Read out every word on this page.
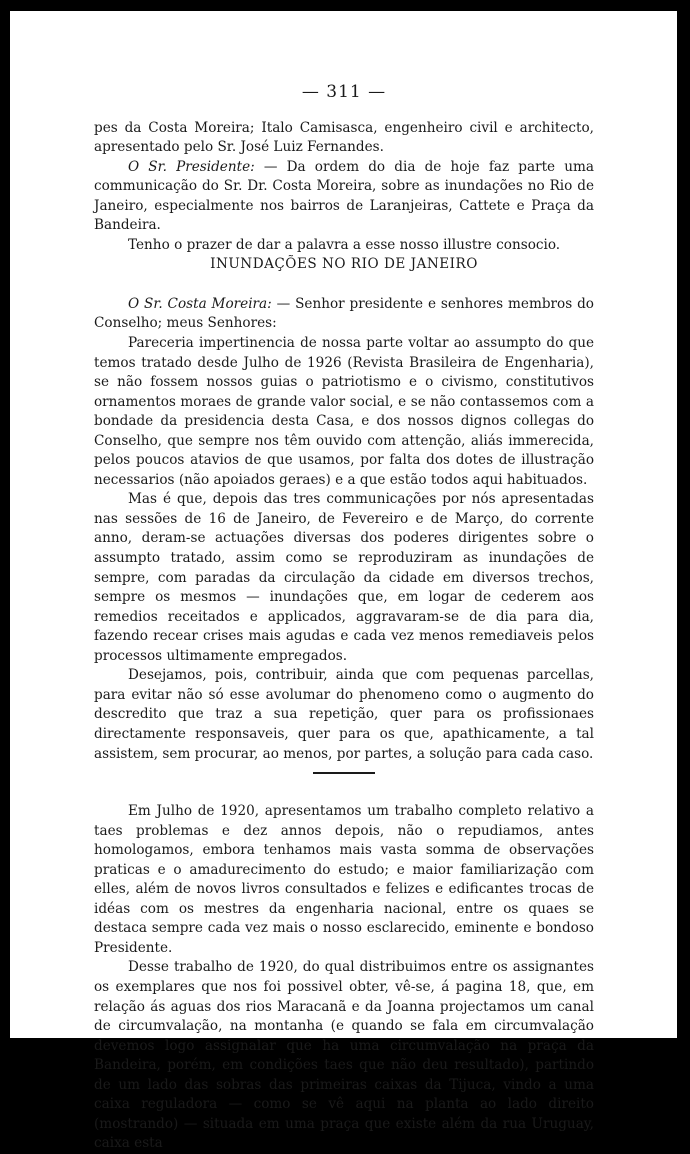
— 311 —

pes da Costa Moreira; Italo Camisasca, engenheiro civil e architecto, apresentado pelo Sr. José Luiz Fernandes.

O Sr. Presidente: — Da ordem do dia de hoje faz parte uma communicação do Sr. Dr. Costa Moreira, sobre as inundações no Rio de Janeiro, especialmente nos bairros de Laranjeiras, Cattete e Praça da Bandeira.

Tenho o prazer de dar a palavra a esse nosso illustre consocio.

INUNDAÇÕES NO RIO DE JANEIRO

O Sr. Costa Moreira: — Senhor presidente e senhores membros do Conselho; meus Senhores:

Pareceria impertinencia de nossa parte voltar ao assumpto do que temos tratado desde Julho de 1926 (Revista Brasileira de Engenharia), se não fossem nossos guias o patriotismo e o civismo, constitutivos ornamentos moraes de grande valor social, e se não contassemos com a bondade da presidencia desta Casa, e dos nossos dignos collegas do Conselho, que sempre nos têm ouvido com attenção, aliás immerecida, pelos poucos atavios de que usamos, por falta dos dotes de illustração necessarios (não apoiados geraes) e a que estão todos aqui habituados.

Mas é que, depois das tres communicações por nós apresentadas nas sessões de 16 de Janeiro, de Fevereiro e de Março, do corrente anno, deram-se actuações diversas dos poderes dirigentes sobre o assumpto tratado, assim como se reproduziram as inundações de sempre, com paradas da circulação da cidade em diversos trechos, sempre os mesmos — inundações que, em logar de cederem aos remedios receitados e applicados, aggravaram-se de dia para dia, fazendo recear crises mais agudas e cada vez menos remediaveis pelos processos ultimamente empregados.

Desejamos, pois, contribuir, ainda que com pequenas parcellas, para evitar não só esse avolumar do phenomeno como o augmento do descredito que traz a sua repetição, quer para os profissionaes directamente responsaveis, quer para os que, apathicamente, a tal assistem, sem procurar, ao menos, por partes, a solução para cada caso.

Em Julho de 1920, apresentamos um trabalho completo relativo a taes problemas e dez annos depois, não o repudiamos, antes homologamos, embora tenhamos mais vasta somma de observações praticas e o amadurecimento do estudo; e maior familiarização com elles, além de novos livros consultados e felizes e edificantes trocas de idéas com os mestres da engenharia nacional, entre os quaes se destaca sempre cada vez mais o nosso esclarecido, eminente e bondoso Presidente.

Desse trabalho de 1920, do qual distribuimos entre os assignantes os exemplares que nos foi possivel obter, vê-se, á pagina 18, que, em relação ás aguas dos rios Maracanã e da Joanna projectamos um canal de circumvalação, na montanha (e quando se fala em circumvalação devemos logo assignalar que ha uma circumvalação na praça da Bandeira, porém, em condições taes que não deu resultado), partindo de um lado das sobras das primeiras caixas da Tijuca, vindo a uma caixa reguladora — como se vê aqui na planta ao lado direito (mostrando) — situada em uma praça que existe além da rua Uruguay, caixa esta
